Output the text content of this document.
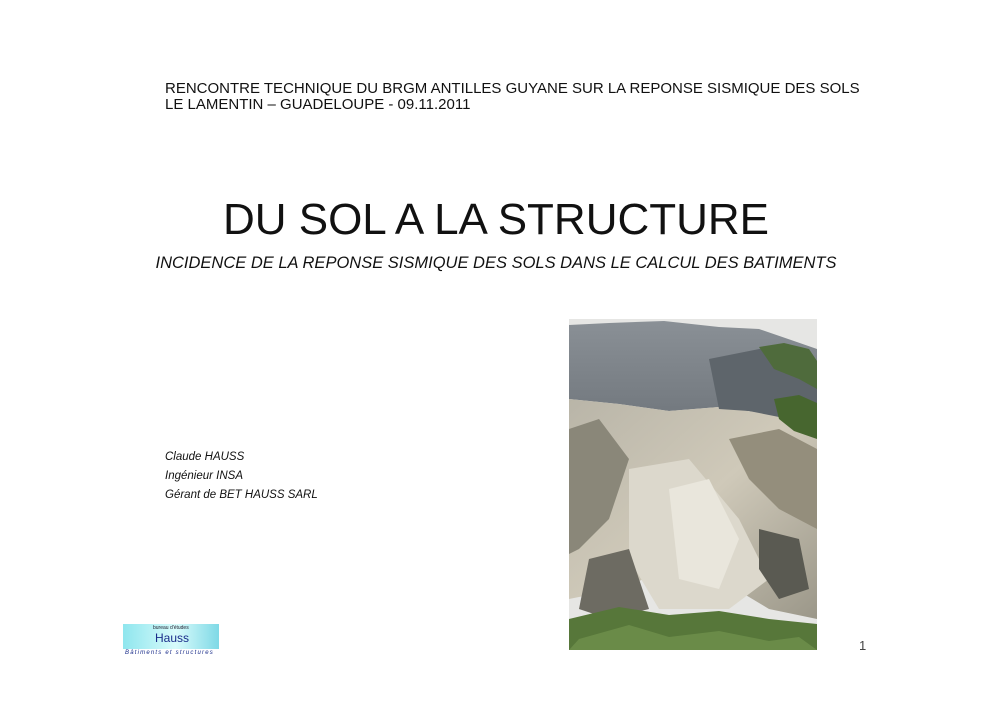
RENCONTRE TECHNIQUE DU BRGM ANTILLES GUYANE SUR LA REPONSE SISMIQUE DES SOLS
LE LAMENTIN – GUADELOUPE - 09.11.2011
DU SOL A LA STRUCTURE
INCIDENCE DE LA REPONSE SISMIQUE DES SOLS DANS LE CALCUL DES BATIMENTS
Claude HAUSS
Ingénieur INSA
Gérant de BET HAUSS SARL
bureau d'études
Hauss
Bâtiments et structures	1
